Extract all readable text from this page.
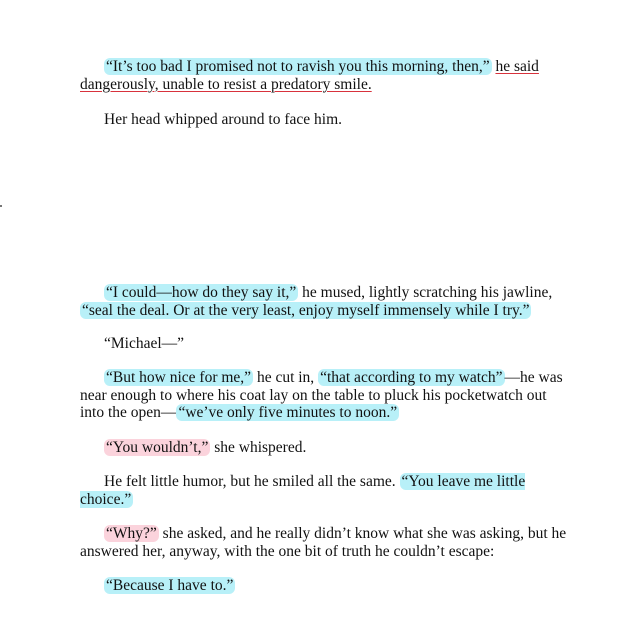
“It’s too bad I promised not to ravish you this morning, then,” he said dangerously, unable to resist a predatory smile.

Her head whipped around to face him.

“I could—how do they say it,” he mused, lightly scratching his jawline, “seal the deal. Or at the very least, enjoy myself immensely while I try.”

“Michael—”

“But how nice for me,” he cut in, “that according to my watch” —he was near enough to where his coat lay on the table to pluck his pocketwatch out into the open— “we’ve only five minutes to noon.”

“You wouldn’t,” she whispered.

He felt little humor, but he smiled all the same. “You leave me little choice.”

“Why?” she asked, and he really didn’t know what she was asking, but he answered her, anyway, with the one bit of truth he couldn’t escape:

“Because I have to.”
